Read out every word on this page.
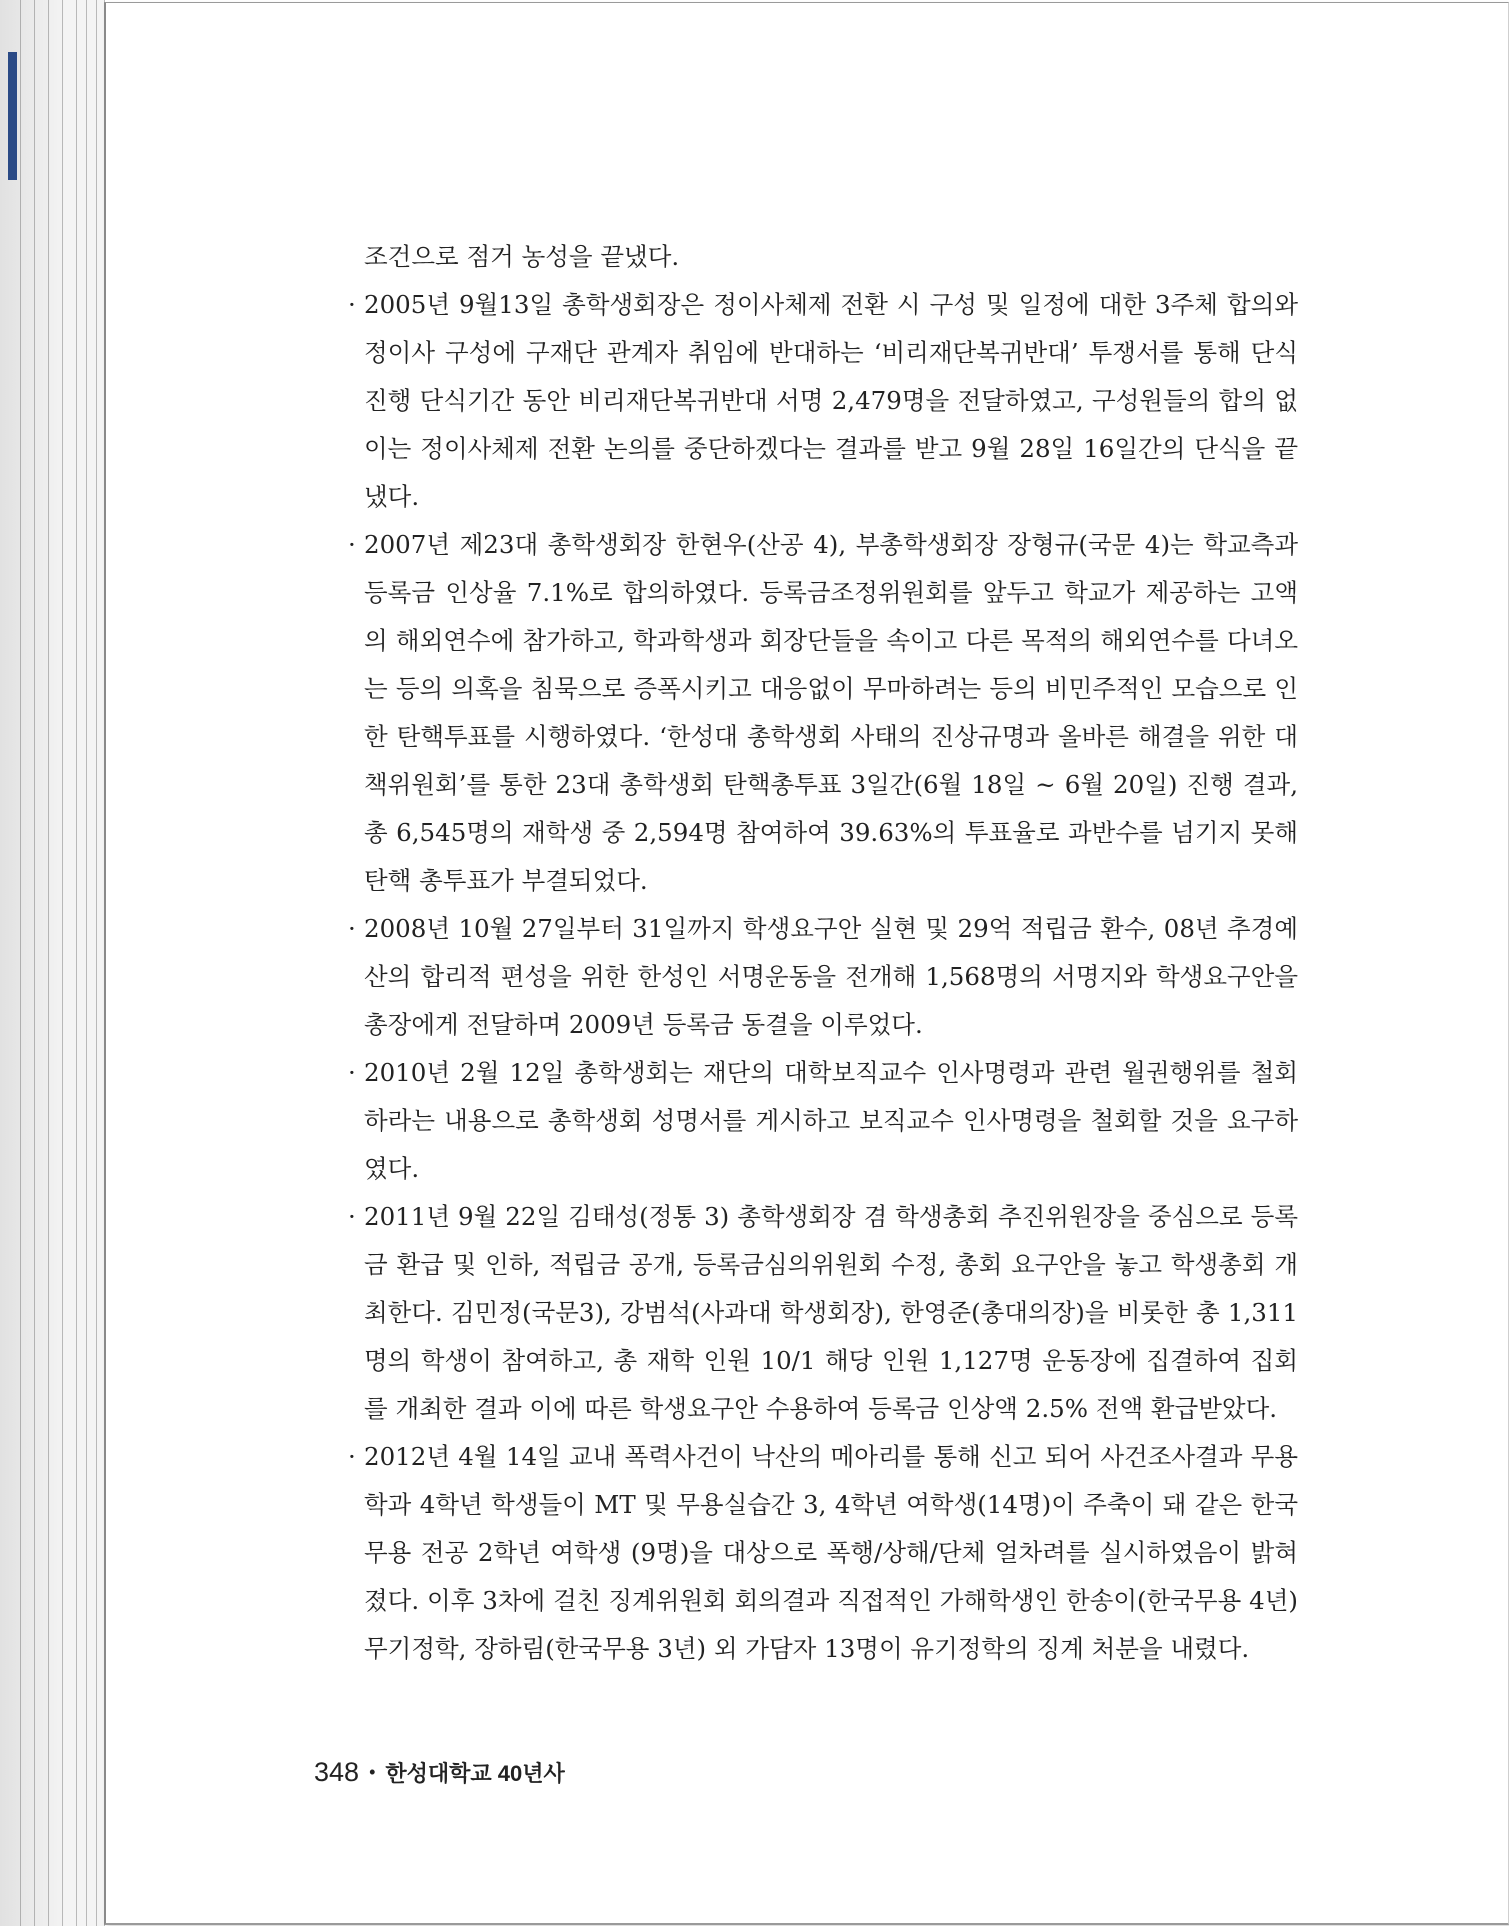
조건으로 점거 농성을 끝냈다.
· 2005년 9월13일 총학생회장은 정이사체제 전환 시 구성 및 일정에 대한 3주체 합의와 정이사 구성에 구재단 관계자 취임에 반대하는 ‘비리재단복귀반대’ 투쟁서를 통해 단식 진행 단식기간 동안 비리재단복귀반대 서명 2,479명을 전달하였고, 구성원들의 합의 없이는 정이사체제 전환 논의를 중단하겠다는 결과를 받고 9월 28일 16일간의 단식을 끝냈다.
· 2007년 제23대 총학생회장 한현우(산공 4), 부총학생회장 장형규(국문 4)는 학교측과 등록금 인상율 7.1%로 합의하였다. 등록금조정위원회를 앞두고 학교가 제공하는 고액의 해외연수에 참가하고, 학과학생과 회장단들을 속이고 다른 목적의 해외연수를 다녀오는 등의 의혹을 침묵으로 증폭시키고 대응없이 무마하려는 등의 비민주적인 모습으로 인한 탄핵투표를 시행하였다. ‘한성대 총학생회 사태의 진상규명과 올바른 해결을 위한 대책위원회’를 통한 23대 총학생회 탄핵총투표 3일간(6월 18일 ~ 6월 20일) 진행 결과, 총 6,545명의 재학생 중 2,594명 참여하여 39.63%의 투표율로 과반수를 넘기지 못해 탄핵 총투표가 부결되었다.
· 2008년 10월 27일부터 31일까지 학생요구안 실현 및 29억 적립금 환수, 08년 추경예산의 합리적 편성을 위한 한성인 서명운동을 전개해 1,568명의 서명지와 학생요구안을 총장에게 전달하며 2009년 등록금 동결을 이루었다.
· 2010년 2월 12일 총학생회는 재단의 대학보직교수 인사명령과 관련 월권행위를 철회하라는 내용으로 총학생회 성명서를 게시하고 보직교수 인사명령을 철회할 것을 요구하였다.
· 2011년 9월 22일 김태성(정통 3) 총학생회장 겸 학생총회 추진위원장을 중심으로 등록금 환급 및 인하, 적립금 공개, 등록금심의위원회 수정, 총회 요구안을 놓고 학생총회 개최한다. 김민정(국문3), 강범석(사과대 학생회장), 한영준(총대의장)을 비롯한 총 1,311명의 학생이 참여하고, 총 재학 인원 10/1 해당 인원 1,127명 운동장에 집결하여 집회를 개최한 결과 이에 따른 학생요구안 수용하여 등록금 인상액 2.5% 전액 환급받았다.
· 2012년 4월 14일 교내 폭력사건이 낙산의 메아리를 통해 신고 되어 사건조사결과 무용학과 4학년 학생들이 MT 및 무용실습간 3, 4학년 여학생(14명)이 주축이 돼 같은 한국무용 전공 2학년 여학생 (9명)을 대상으로 폭행/상해/단체 얼차려를 실시하였음이 밝혀졌다. 이후 3차에 걸친 징계위원회 회의결과 직접적인 가해학생인 한송이(한국무용 4년) 무기정학, 장하림(한국무용 3년) 외 가담자 13명이 유기정학의 징계 처분을 내렸다.
348 • 한성대학교 40년사
